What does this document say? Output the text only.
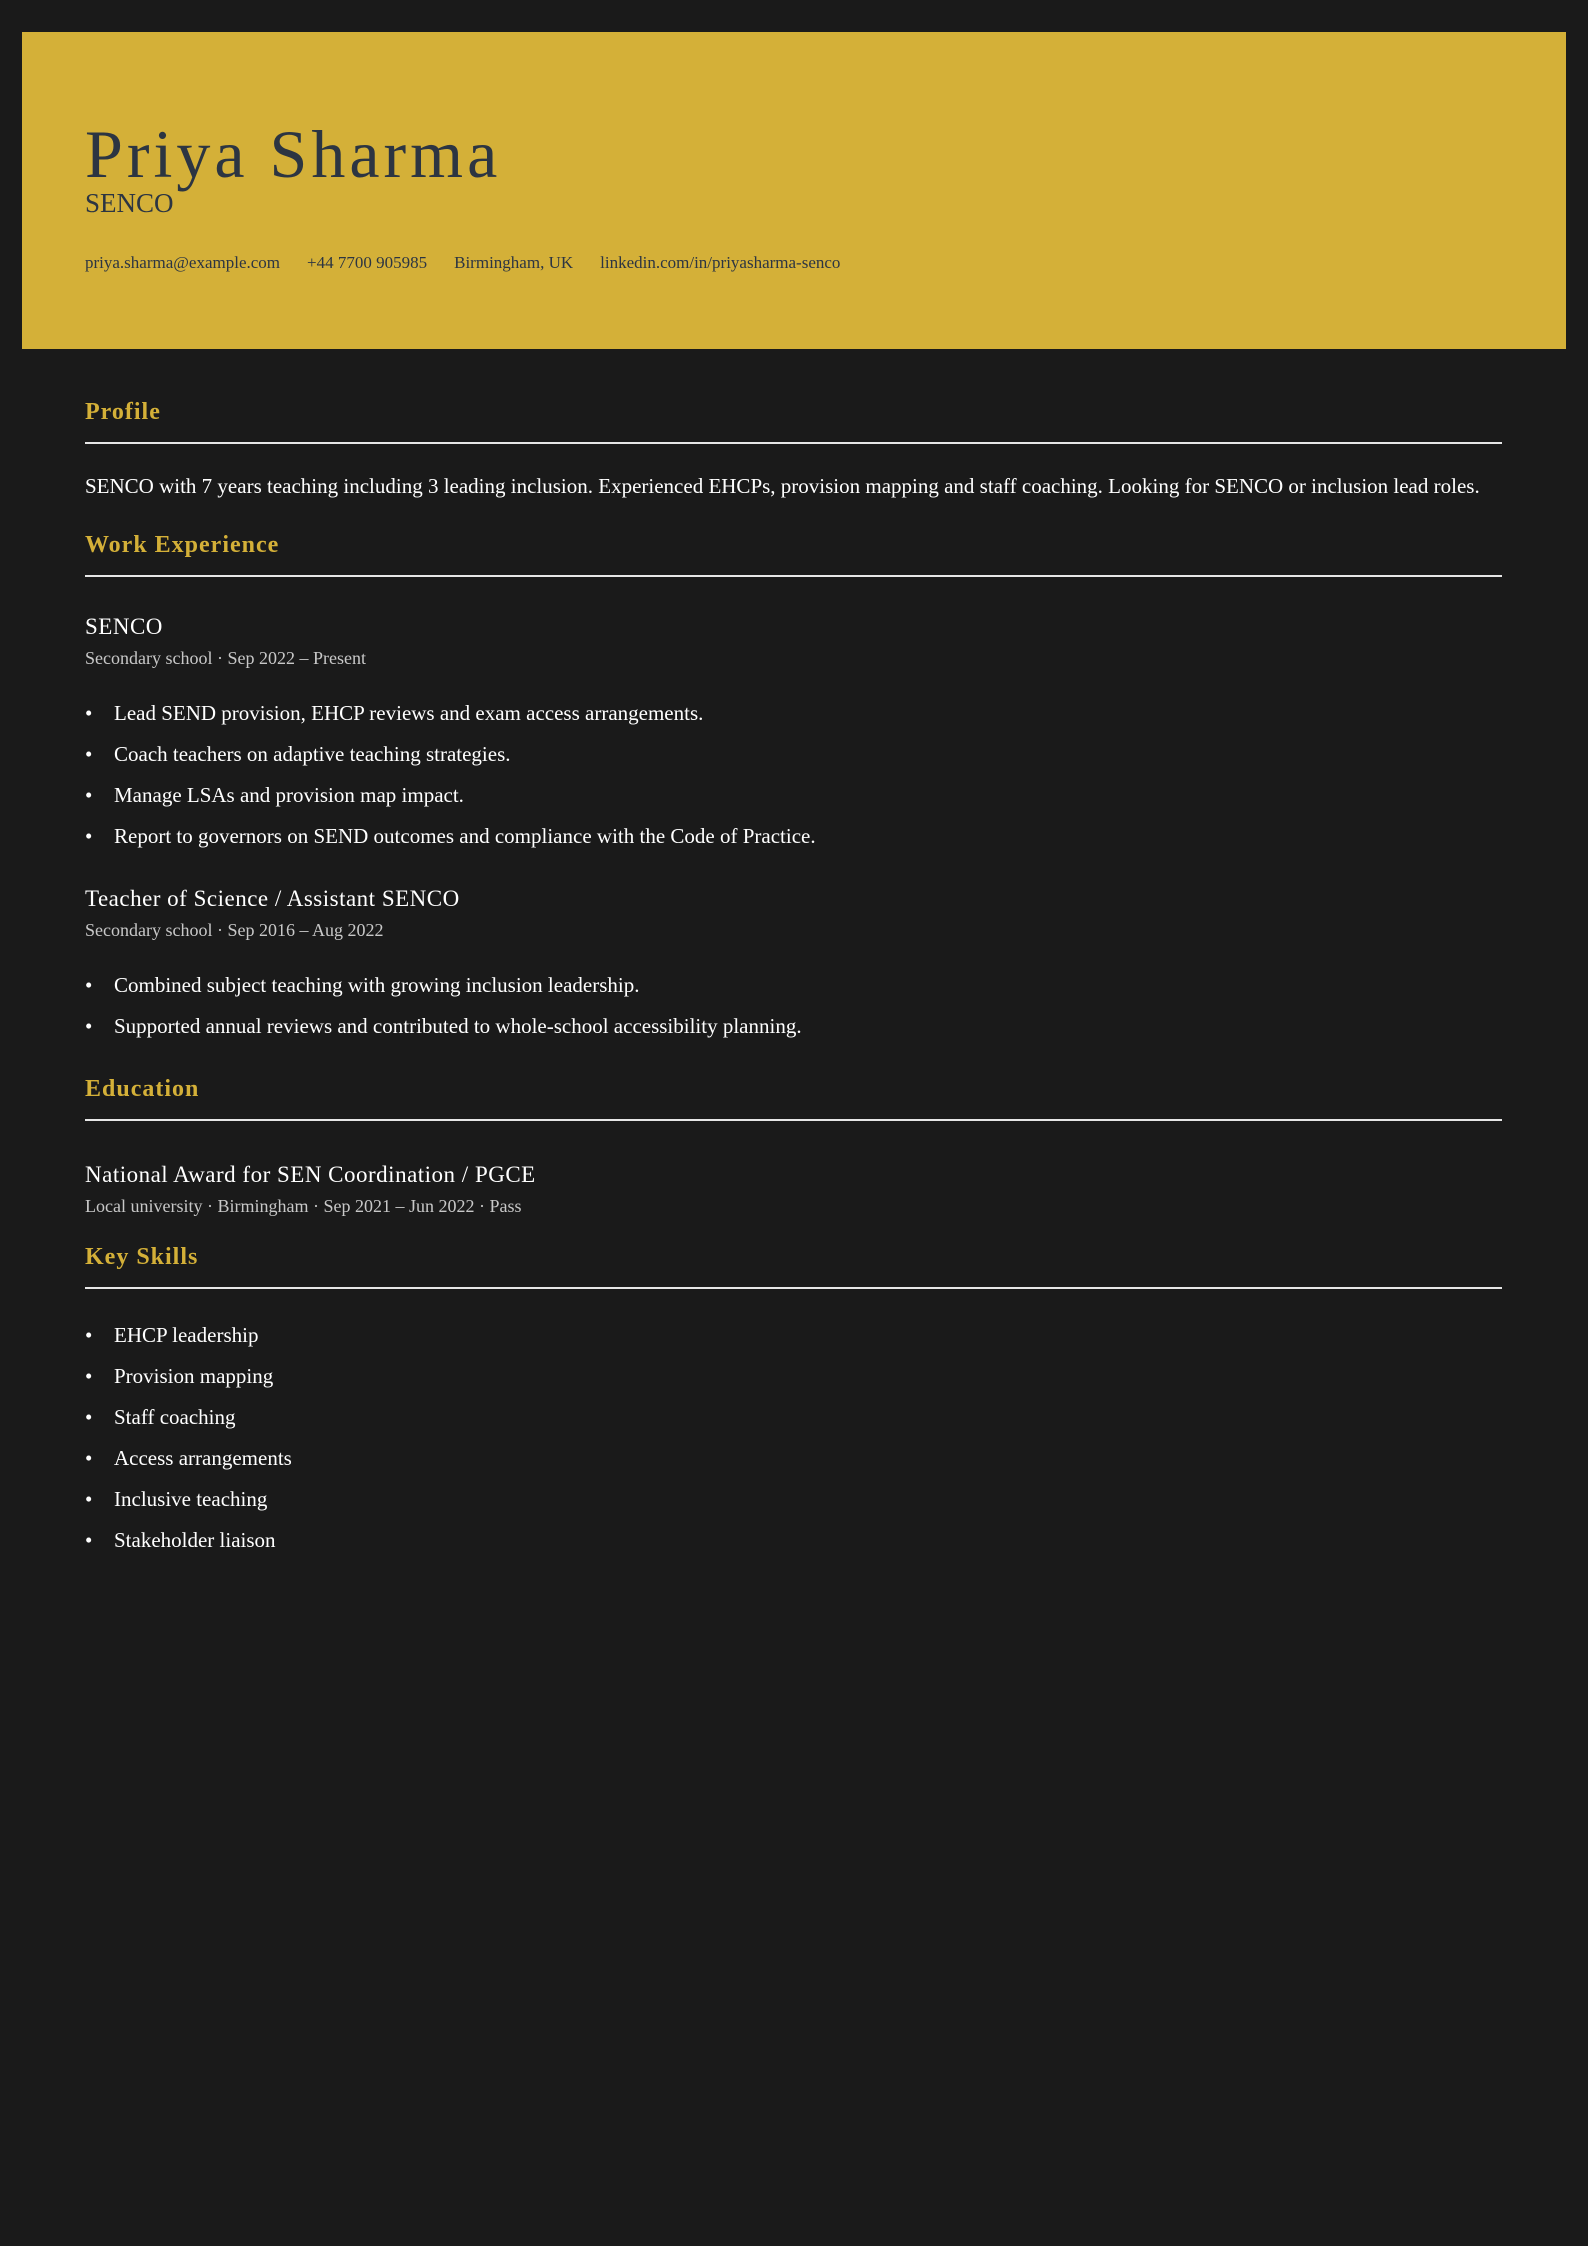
Priya Sharma
SENCO
priya.sharma@example.com +44 7700 905985 Birmingham, UK linkedin.com/in/priyasharma-senco
Profile

SENCO with 7 years teaching including 3 leading inclusion. Experienced EHCPs, provision mapping and staff coaching. Looking for SENCO or inclusion lead roles.

Work Experience
SENCO
Secondary school · Sep 2022 – Present
• Lead SEND provision, EHCP reviews and exam access arrangements.
• Coach teachers on adaptive teaching strategies.
• Manage LSAs and provision map impact.
• Report to governors on SEND outcomes and compliance with the Code of Practice.
Teacher of Science / Assistant SENCO
Secondary school · Sep 2016 – Aug 2022
• Combined subject teaching with growing inclusion leadership.
• Supported annual reviews and contributed to whole-school accessibility planning.
Education
National Award for SEN Coordination / PGCE
Local university · Birmingham · Sep 2021 – Jun 2022 · Pass
Key Skills
• EHCP leadership
• Provision mapping
• Staff coaching
• Access arrangements
• Inclusive teaching
• Stakeholder liaison
